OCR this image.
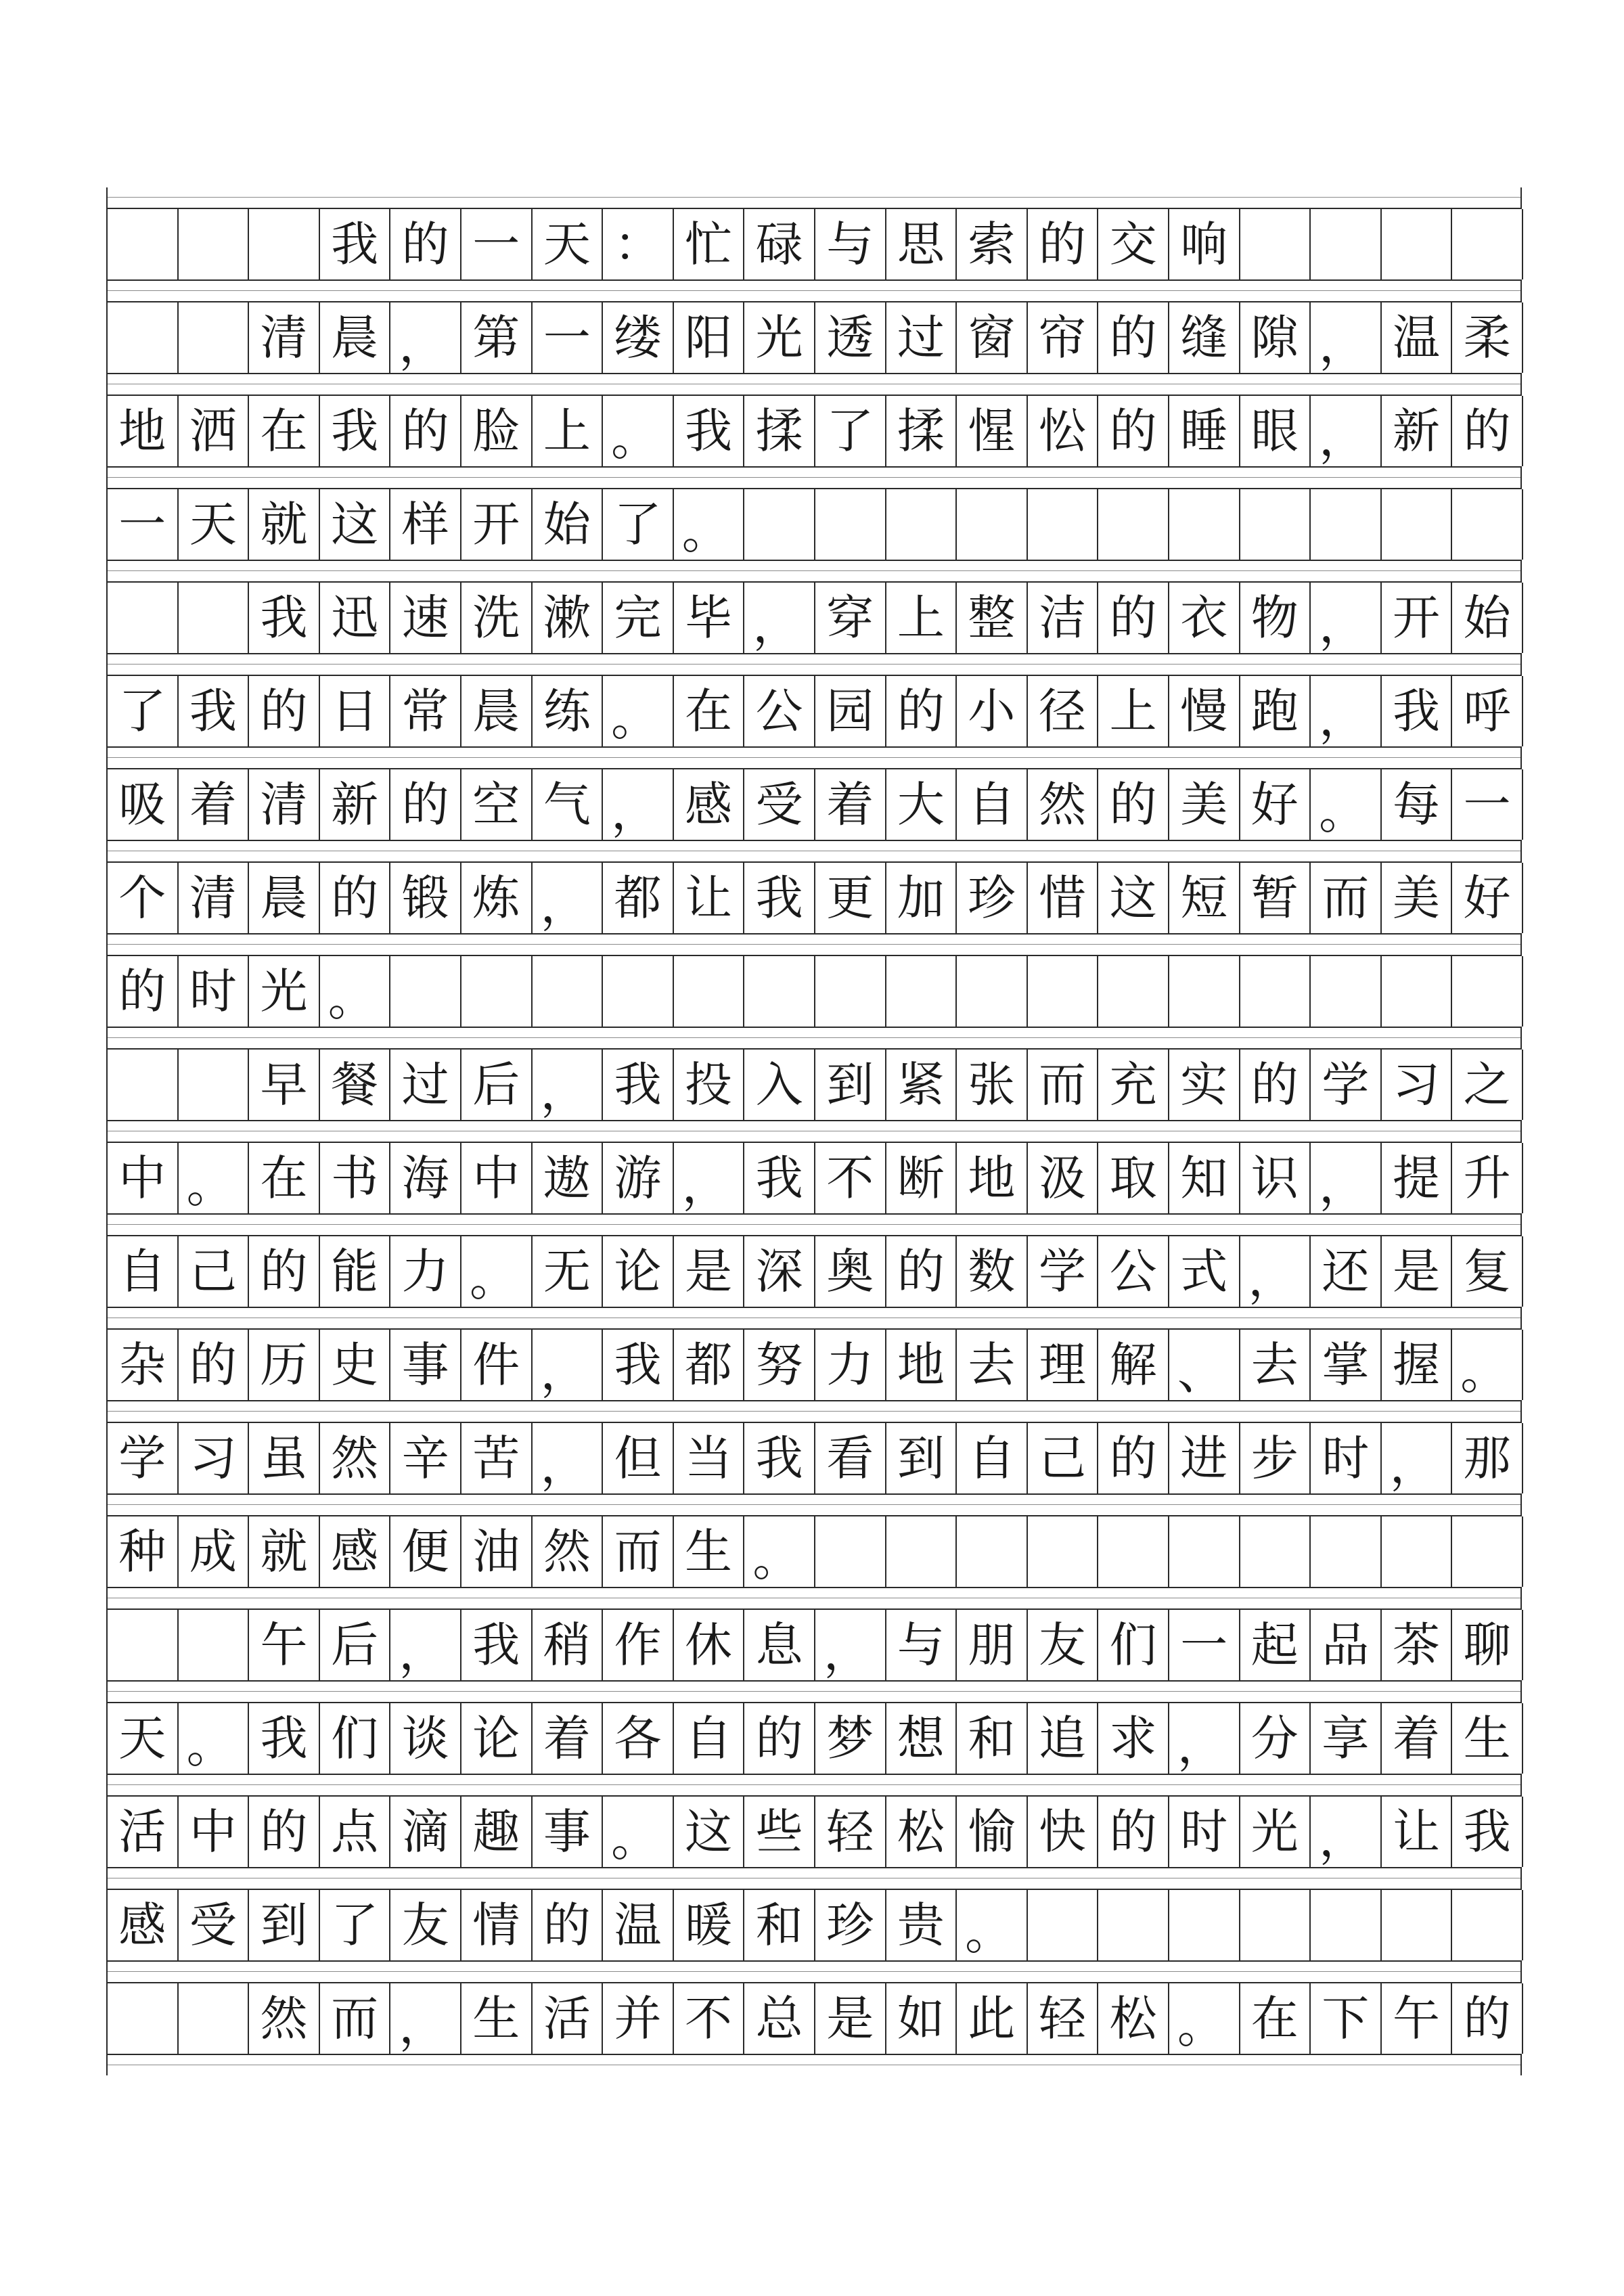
我 的 一 天 ： 忙 碌 与 思 索 的 交 响
清 晨 ， 第 一 缕 阳 光 透 过 窗 帘 的 缝 隙 ， 温 柔
地 洒 在 我 的 脸 上 。 我 揉 了 揉 惺 忪 的 睡 眼 ， 新 的
一 天 就 这 样 开 始 了 。
我 迅 速 洗 漱 完 毕 ， 穿 上 整 洁 的 衣 物 ， 开 始
了 我 的 日 常 晨 练 。 在 公 园 的 小 径 上 慢 跑 ， 我 呼
吸 着 清 新 的 空 气 ， 感 受 着 大 自 然 的 美 好 。 每 一
个 清 晨 的 锻 炼 ， 都 让 我 更 加 珍 惜 这 短 暂 而 美 好
的 时 光 。
早 餐 过 后 ， 我 投 入 到 紧 张 而 充 实 的 学 习 之
中 。 在 书 海 中 遨 游 ， 我 不 断 地 汲 取 知 识 ， 提 升
自 己 的 能 力 。 无 论 是 深 奥 的 数 学 公 式 ， 还 是 复
杂 的 历 史 事 件 ， 我 都 努 力 地 去 理 解 、 去 掌 握 。
学 习 虽 然 辛 苦 ， 但 当 我 看 到 自 己 的 进 步 时 ， 那
种 成 就 感 便 油 然 而 生 。
午 后 ， 我 稍 作 休 息 ， 与 朋 友 们 一 起 品 茶 聊
天 。 我 们 谈 论 着 各 自 的 梦 想 和 追 求 ， 分 享 着 生
活 中 的 点 滴 趣 事 。 这 些 轻 松 愉 快 的 时 光 ， 让 我
感 受 到 了 友 情 的 温 暖 和 珍 贵 。
然 而 ， 生 活 并 不 总 是 如 此 轻 松 。 在 下 午 的
